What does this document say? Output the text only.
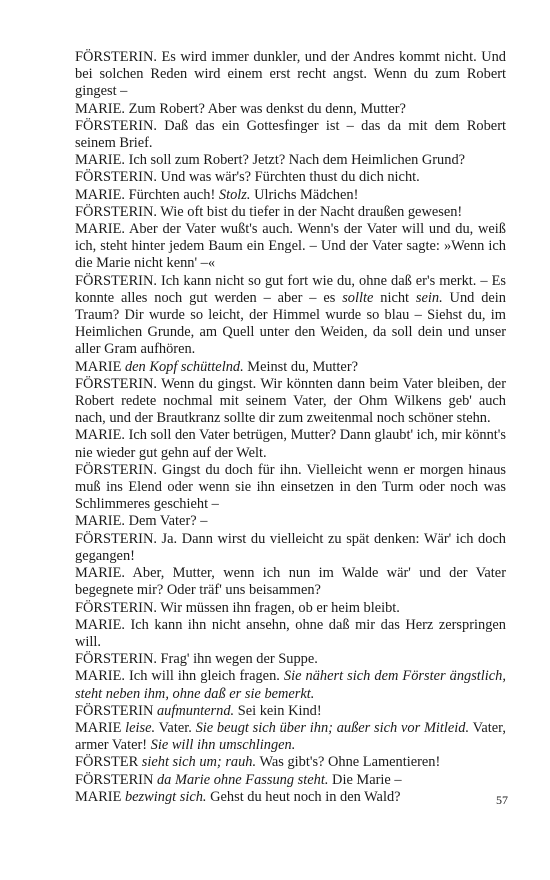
FÖRSTERIN. Es wird immer dunkler, und der Andres kommt nicht. Und bei solchen Reden wird einem erst recht angst. Wenn du zum Robert gingest –

MARIE. Zum Robert? Aber was denkst du denn, Mutter?

FÖRSTERIN. Daß das ein Gottesfinger ist – das da mit dem Robert seinem Brief.

MARIE. Ich soll zum Robert? Jetzt? Nach dem Heimlichen Grund?

FÖRSTERIN. Und was wär's? Fürchten thust du dich nicht.

MARIE. Fürchten auch! Stolz. Ulrichs Mädchen!

FÖRSTERIN. Wie oft bist du tiefer in der Nacht draußen gewesen!

MARIE. Aber der Vater wußt's auch. Wenn's der Vater will und du, weiß ich, steht hinter jedem Baum ein Engel. – Und der Vater sagte: »Wenn ich die Marie nicht kenn' –«

FÖRSTERIN. Ich kann nicht so gut fort wie du, ohne daß er's merkt. – Es konnte alles noch gut werden – aber – es sollte nicht sein. Und dein Traum? Dir wurde so leicht, der Himmel wurde so blau – Siehst du, im Heimlichen Grunde, am Quell unter den Weiden, da soll dein und unser aller Gram aufhören.

MARIE den Kopf schüttelnd. Meinst du, Mutter?

FÖRSTERIN. Wenn du gingst. Wir könnten dann beim Vater bleiben, der Robert redete nochmal mit seinem Vater, der Ohm Wilkens geb' auch nach, und der Brautkranz sollte dir zum zweitenmal noch schöner stehn.

MARIE. Ich soll den Vater betrügen, Mutter? Dann glaubt' ich, mir könnt's nie wieder gut gehn auf der Welt.

FÖRSTERIN. Gingst du doch für ihn. Vielleicht wenn er morgen hinaus muß ins Elend oder wenn sie ihn einsetzen in den Turm oder noch was Schlimmeres geschieht –

MARIE. Dem Vater? –

FÖRSTERIN. Ja. Dann wirst du vielleicht zu spät denken: Wär' ich doch gegangen!

MARIE. Aber, Mutter, wenn ich nun im Walde wär' und der Vater begegnete mir? Oder träf' uns beisammen?

FÖRSTERIN. Wir müssen ihn fragen, ob er heim bleibt.

MARIE. Ich kann ihn nicht ansehn, ohne daß mir das Herz zerspringen will.

FÖRSTERIN. Frag' ihn wegen der Suppe.

MARIE. Ich will ihn gleich fragen. Sie nähert sich dem Förster ängstlich, steht neben ihm, ohne daß er sie bemerkt.

FÖRSTERIN aufmunternd. Sei kein Kind!

MARIE leise. Vater. Sie beugt sich über ihn; außer sich vor Mitleid. Vater, armer Vater! Sie will ihn umschlingen.

FÖRSTER sieht sich um; rauh. Was gibt's? Ohne Lamentieren!

FÖRSTERIN da Marie ohne Fassung steht. Die Marie –

MARIE bezwingt sich. Gehst du heut noch in den Wald?	57
